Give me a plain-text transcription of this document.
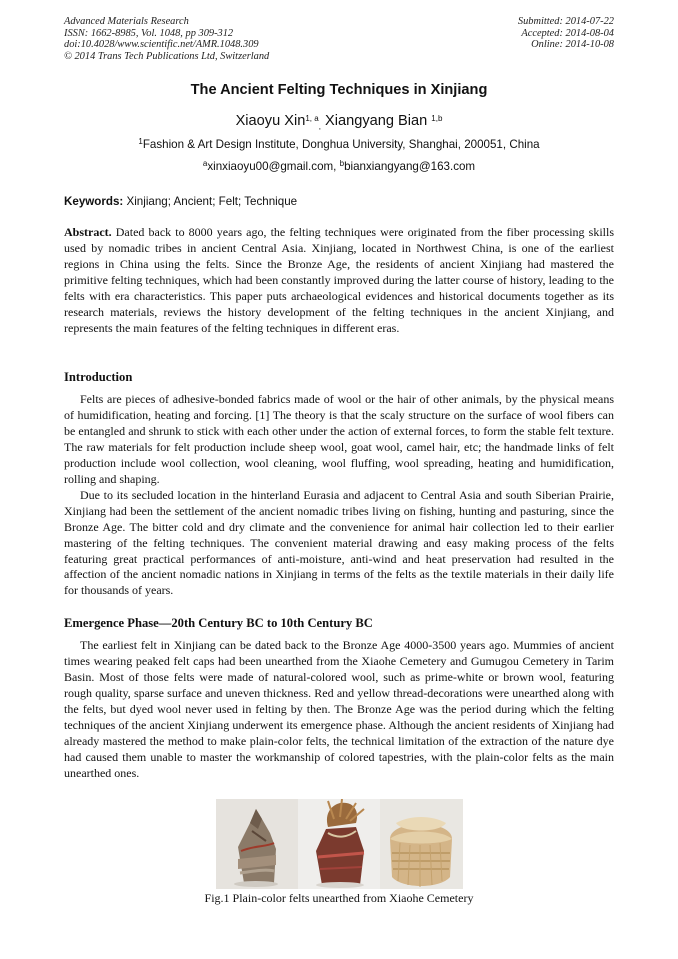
Advanced Materials Research
ISSN: 1662-8985, Vol. 1048, pp 309-312
doi:10.4028/www.scientific.net/AMR.1048.309
© 2014 Trans Tech Publications Ltd, Switzerland
Submitted: 2014-07-22
Accepted: 2014-08-04
Online: 2014-10-08
The Ancient Felting Techniques in Xinjiang
Xiaoyu Xin$^{1, a}_,$ Xiangyang Bian $^{1,b}$
$^1$Fashion & Art Design Institute, Donghua University, Shanghai, 200051, China
$^a$xinxiaoyu00@gmail.com, $^b$bianxiangyang@163.com
Keywords: Xinjiang; Ancient; Felt; Technique

Abstract. Dated back to 8000 years ago, the felting techniques were originated from the fiber processing skills used by nomadic tribes in ancient Central Asia. Xinjiang, located in Northwest China, is one of the earliest regions in China using the felts. Since the Bronze Age, the residents of ancient Xinjiang had mastered the primitive felting techniques, which had been constantly improved during the latter course of history, leading to the felts with era characteristics. This paper puts archaeological evidences and historical documents together as its research materials, reviews the history development of the felting techniques in the ancient Xinjiang, and represents the main features of the felting techniques in different eras.

Introduction

Felts are pieces of adhesive-bonded fabrics made of wool or the hair of other animals, by the physical means of humidification, heating and forcing. [1] The theory is that the scaly structure on the surface of wool fibers can be entangled and shrunk to stick with each other under the action of external forces, to form the stable felt texture. The raw materials for felt production include sheep wool, goat wool, camel hair, etc; the handmade links of felt production include wool collection, wool cleaning, wool fluffing, wool spreading, heating and humidification, rolling and shaping.

Due to its secluded location in the hinterland Eurasia and adjacent to Central Asia and south Siberian Prairie, Xinjiang had been the settlement of the ancient nomadic tribes living on fishing, hunting and pasturing, since the Bronze Age. The bitter cold and dry climate and the convenience for animal hair collection led to their earlier mastering of the felting techniques. The convenient material drawing and easy making process of the felts featuring great practical performances of anti-moisture, anti-wind and heat preservation had resulted in the affection of the ancient nomadic nations in Xinjiang in terms of the felts as the textile materials in their daily life for thousands of years.

Emergence Phase—20th Century BC to 10th Century BC

The earliest felt in Xinjiang can be dated back to the Bronze Age 4000-3500 years ago. Mummies of ancient times wearing peaked felt caps had been unearthed from the Xiaohe Cemetery and Gumugou Cemetery in Tarim Basin. Most of those felts were made of natural-colored wool, such as prime-white or brown wool, featuring rough quality, sparse surface and uneven thickness. Red and yellow thread-decorations were unearthed along with the felts, but dyed wool never used in felting by then. The Bronze Age was the period during which the felting techniques of the ancient Xinjiang underwent its emergence phase. Although the ancient residents of Xinjiang had already mastered the method to make plain-color felts, the technical limitation of the extraction of the nature dye had caused them unable to master the workmanship of colored tapestries, with the plain-color felts as the main unearthed ones.

Fig.1 Plain-color felts unearthed from Xiaohe Cemetery
